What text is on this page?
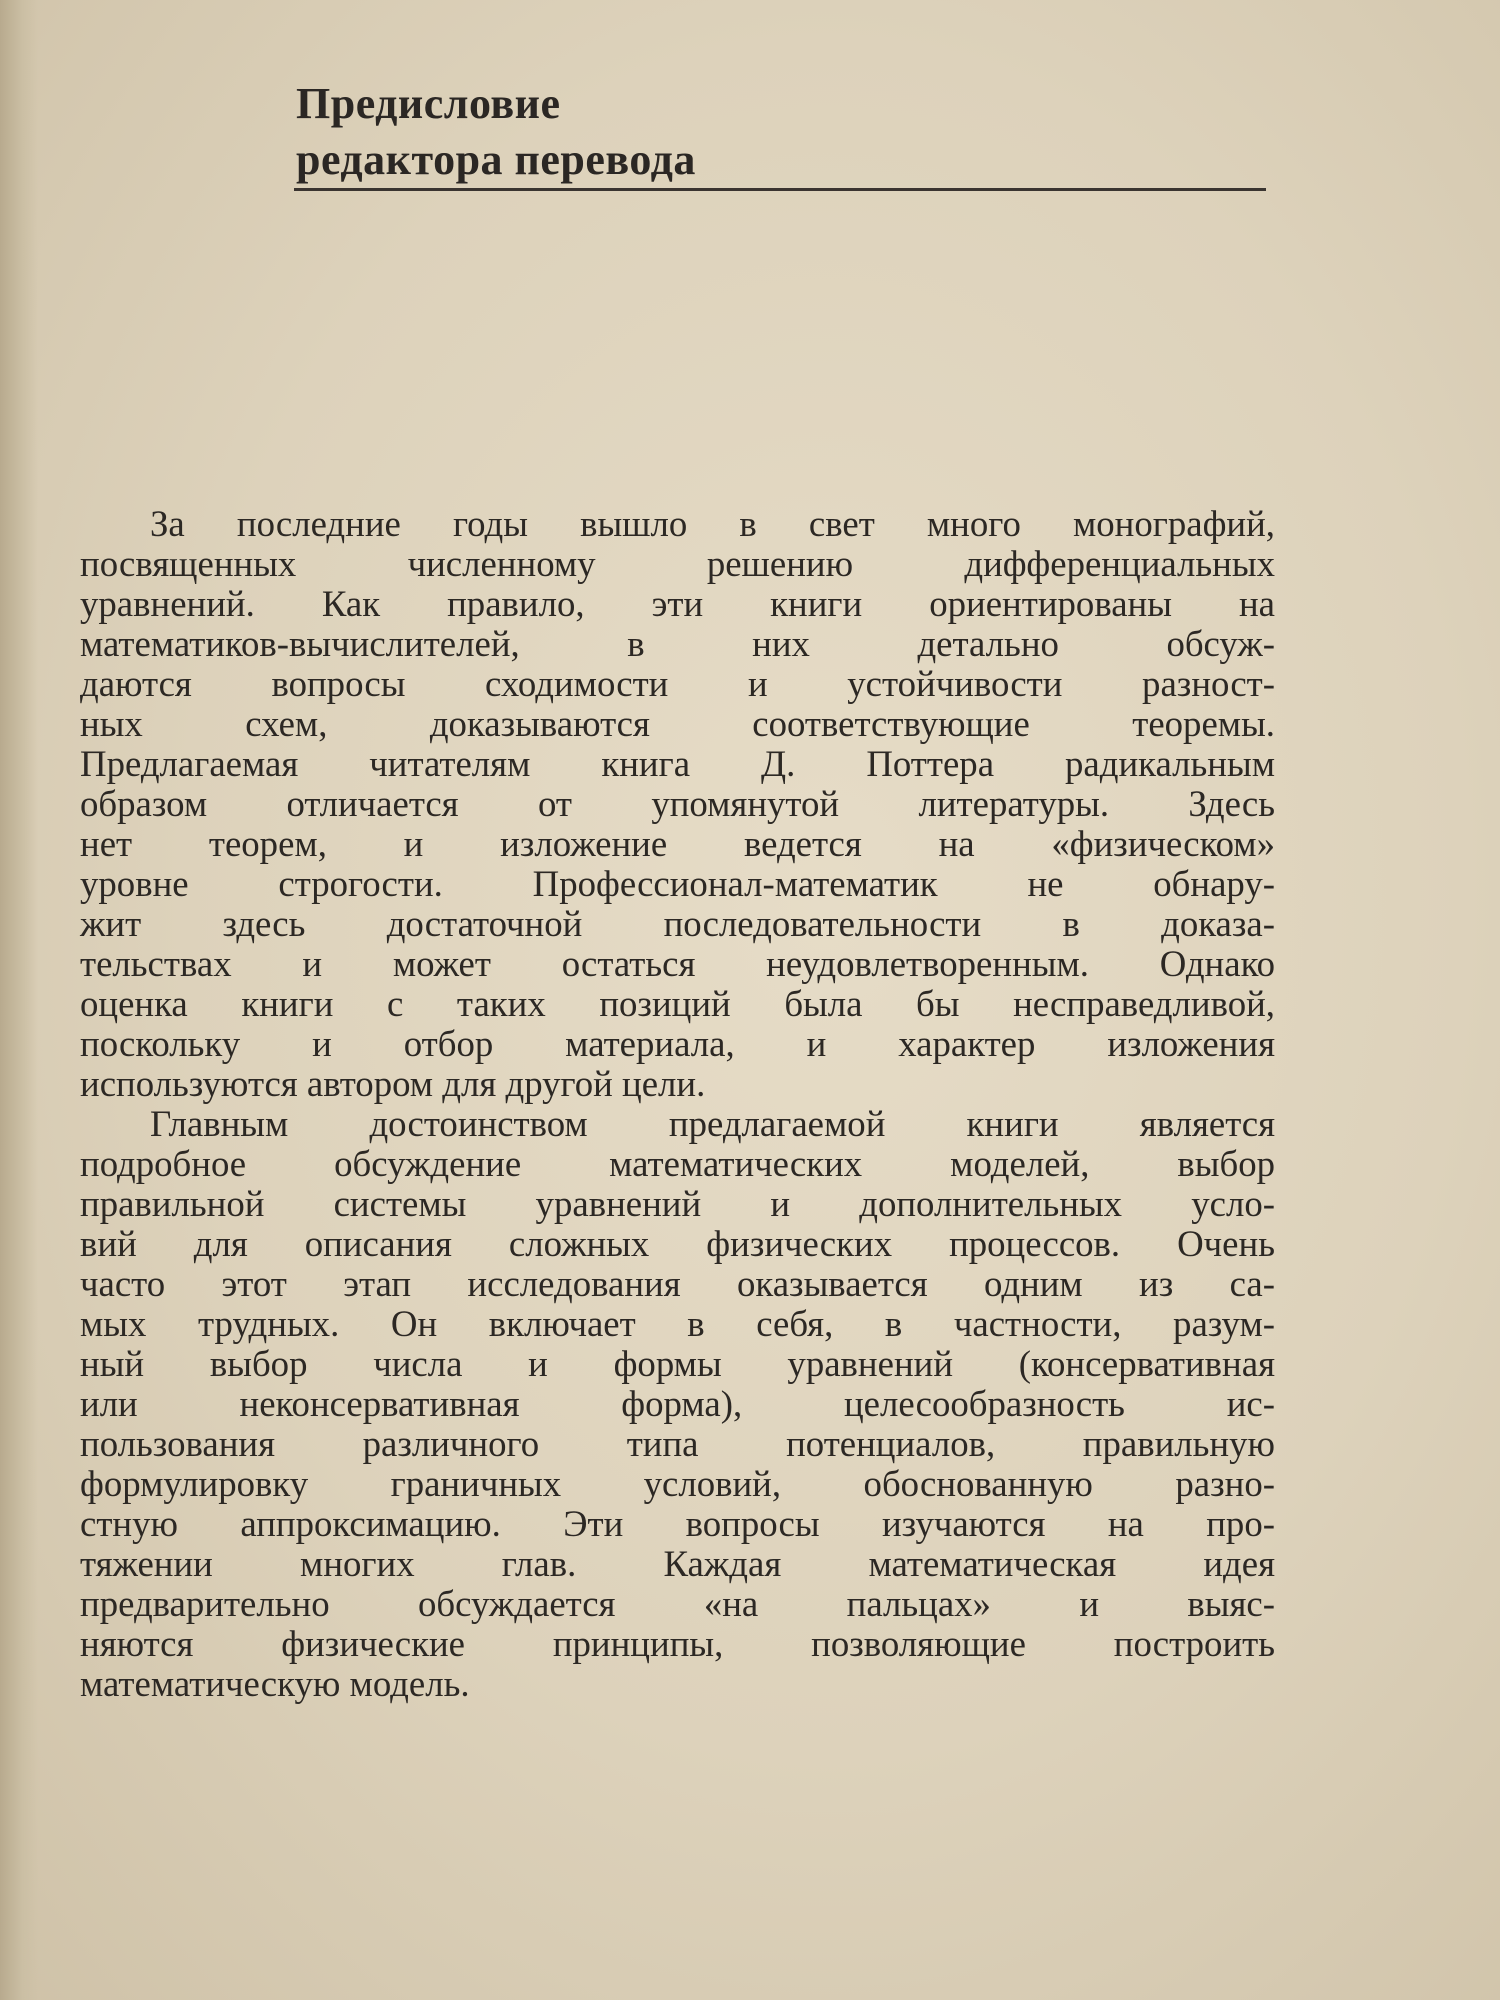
Предисловие
редактора перевода

За последние годы вышло в свет много монографий,
посвященных численному решению дифференциальных
уравнений. Как правило, эти книги ориентированы на
математиков-вычислителей, в них детально обсуж-
даются вопросы сходимости и устойчивости разност-
ных схем, доказываются соответствующие теоремы.
Предлагаемая читателям книга Д. Поттера радикальным
образом отличается от упомянутой литературы. Здесь
нет теорем, и изложение ведется на «физическом»
уровне строгости. Профессионал-математик не обнару-
жит здесь достаточной последовательности в доказа-
тельствах и может остаться неудовлетворенным. Однако
оценка книги с таких позиций была бы несправедливой,
поскольку и отбор материала, и характер изложения
используются автором для другой цели.

Главным достоинством предлагаемой книги является
подробное обсуждение математических моделей, выбор
правильной системы уравнений и дополнительных усло-
вий для описания сложных физических процессов. Очень
часто этот этап исследования оказывается одним из са-
мых трудных. Он включает в себя, в частности, разум-
ный выбор числа и формы уравнений (консервативная
или неконсервативная форма), целесообразность ис-
пользования различного типа потенциалов, правильную
формулировку граничных условий, обоснованную разно-
стную аппроксимацию. Эти вопросы изучаются на про-
тяжении многих глав. Каждая математическая идея
предварительно обсуждается «на пальцах» и выяс-
няются физические принципы, позволяющие построить
математическую модель.
